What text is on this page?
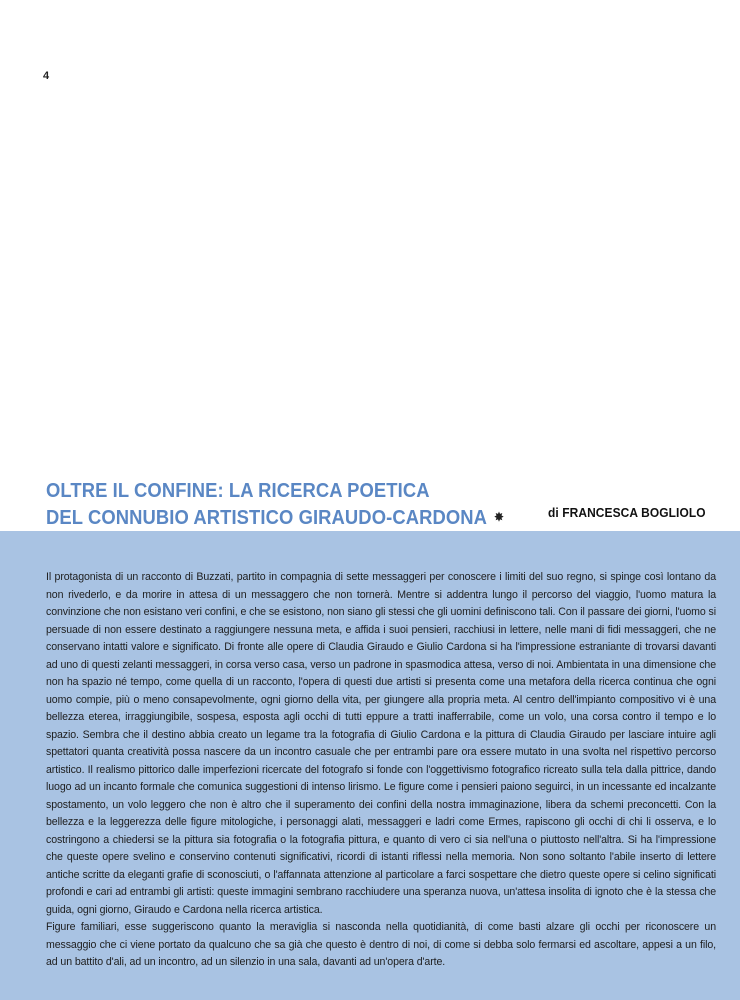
4
OLTRE IL CONFINE: LA RICERCA POETICA
DEL CONNUBIO ARTISTICO GIRAUDO-CARDONA ✸	di FRANCESCA BOGLIOLO

Il protagonista di un racconto di Buzzati, partito in compagnia di sette messaggeri per conoscere i limiti del suo regno, si spinge così lontano da non rivederlo, e da morire in attesa di un messaggero che non tornerà. Mentre si addentra lungo il percorso del viaggio, l'uomo matura la convinzione che non esistano veri confini, e che se esistono, non siano gli stessi che gli uomini definiscono tali. Con il passare dei giorni, l'uomo si persuade di non essere destinato a raggiungere nessuna meta, e affida i suoi pensieri, racchiusi in lettere, nelle mani di fidi messaggeri, che ne conservano intatti valore e significato. Di fronte alle opere di Claudia Giraudo e Giulio Cardona si ha l'impressione estraniante di trovarsi davanti ad uno di questi zelanti messaggeri, in corsa verso casa, verso un padrone in spasmodica attesa, verso di noi. Ambientata in una dimensione che non ha spazio né tempo, come quella di un racconto, l'opera di questi due artisti si presenta come una metafora della ricerca continua che ogni uomo compie, più o meno consapevolmente, ogni giorno della vita, per giungere alla propria meta. Al centro dell'impianto compositivo vi è una bellezza eterea, irraggiungibile, sospesa, esposta agli occhi di tutti eppure a tratti inafferrabile, come un volo, una corsa contro il tempo e lo spazio. Sembra che il destino abbia creato un legame tra la fotografia di Giulio Cardona e la pittura di Claudia Giraudo per lasciare intuire agli spettatori quanta creatività possa nascere da un incontro casuale che per entrambi pare ora essere mutato in una svolta nel rispettivo percorso artistico. Il realismo pittorico dalle imperfezioni ricercate del fotografo si fonde con l'oggettivismo fotografico ricreato sulla tela dalla pittrice, dando luogo ad un incanto formale che comunica suggestioni di intenso lirismo. Le figure come i pensieri paiono seguirci, in un incessante ed incalzante spostamento, un volo leggero che non è altro che il superamento dei confini della nostra immaginazione, libera da schemi preconcetti. Con la bellezza e la leggerezza delle figure mitologiche, i personaggi alati, messaggeri e ladri come Ermes, rapiscono gli occhi di chi li osserva, e lo costringono a chiedersi se la pittura sia fotografia o la fotografia pittura, e quanto di vero ci sia nell'una o piuttosto nell'altra. Si ha l'impressione che queste opere svelino e conservino contenuti significativi, ricordi di istanti riflessi nella memoria. Non sono soltanto l'abile inserto di lettere antiche scritte da eleganti grafie di sconosciuti, o l'affannata attenzione al particolare a farci sospettare che dietro queste opere si celino significati profondi e cari ad entrambi gli artisti: queste immagini sembrano racchiudere una speranza nuova, un'attesa insolita di ignoto che è la stessa che guida, ogni giorno, Giraudo e Cardona nella ricerca artistica.

Figure familiari, esse suggeriscono quanto la meraviglia si nasconda nella quotidianità, di come basti alzare gli occhi per riconoscere un messaggio che ci viene portato da qualcuno che sa già che questo è dentro di noi, di come si debba solo fermarsi ed ascoltare, appesi a un filo, ad un battito d'ali, ad un incontro, ad un silenzio in una sala, davanti ad un'opera d'arte.
